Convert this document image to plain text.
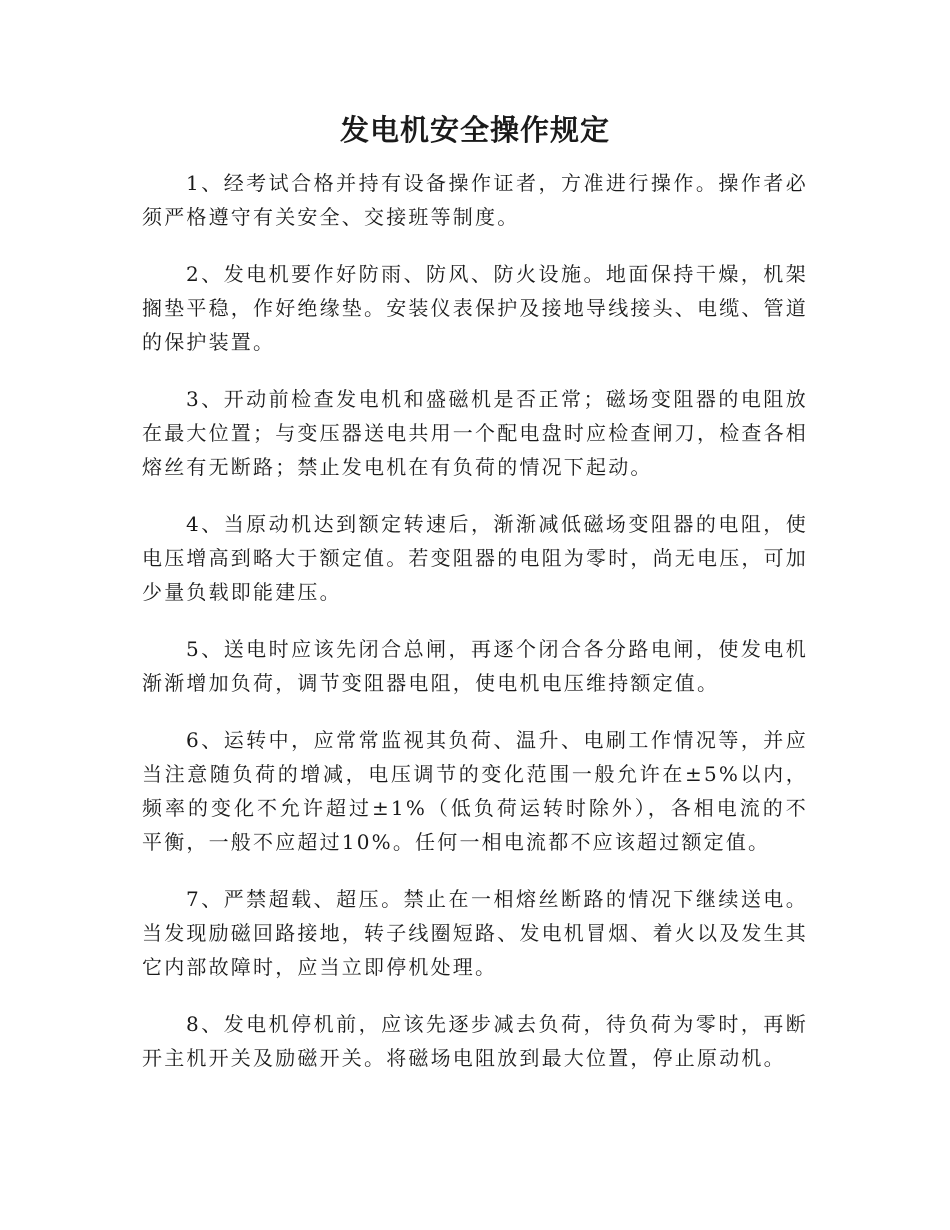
发电机安全操作规定

1、经考试合格并持有设备操作证者，方准进行操作。操作者必须严格遵守有关安全、交接班等制度。

2、发电机要作好防雨、防风、防火设施。地面保持干燥，机架搁垫平稳，作好绝缘垫。安装仪表保护及接地导线接头、电缆、管道的保护装置。

3、开动前检查发电机和盛磁机是否正常；磁场变阻器的电阻放在最大位置；与变压器送电共用一个配电盘时应检查闸刀，检查各相熔丝有无断路；禁止发电机在有负荷的情况下起动。

4、当原动机达到额定转速后，渐渐减低磁场变阻器的电阻，使电压增高到略大于额定值。若变阻器的电阻为零时，尚无电压，可加少量负载即能建压。

5、送电时应该先闭合总闸，再逐个闭合各分路电闸，使发电机渐渐增加负荷，调节变阻器电阻，使电机电压维持额定值。

6、运转中，应常常监视其负荷、温升、电刷工作情况等，并应当注意随负荷的增减，电压调节的变化范围一般允许在±5%以内，频率的变化不允许超过±1%（低负荷运转时除外），各相电流的不平衡，一般不应超过10%。任何一相电流都不应该超过额定值。

7、严禁超载、超压。禁止在一相熔丝断路的情况下继续送电。当发现励磁回路接地，转子线圈短路、发电机冒烟、着火以及发生其它内部故障时，应当立即停机处理。

8、发电机停机前，应该先逐步减去负荷，待负荷为零时，再断开主机开关及励磁开关。将磁场电阻放到最大位置，停止原动机。
